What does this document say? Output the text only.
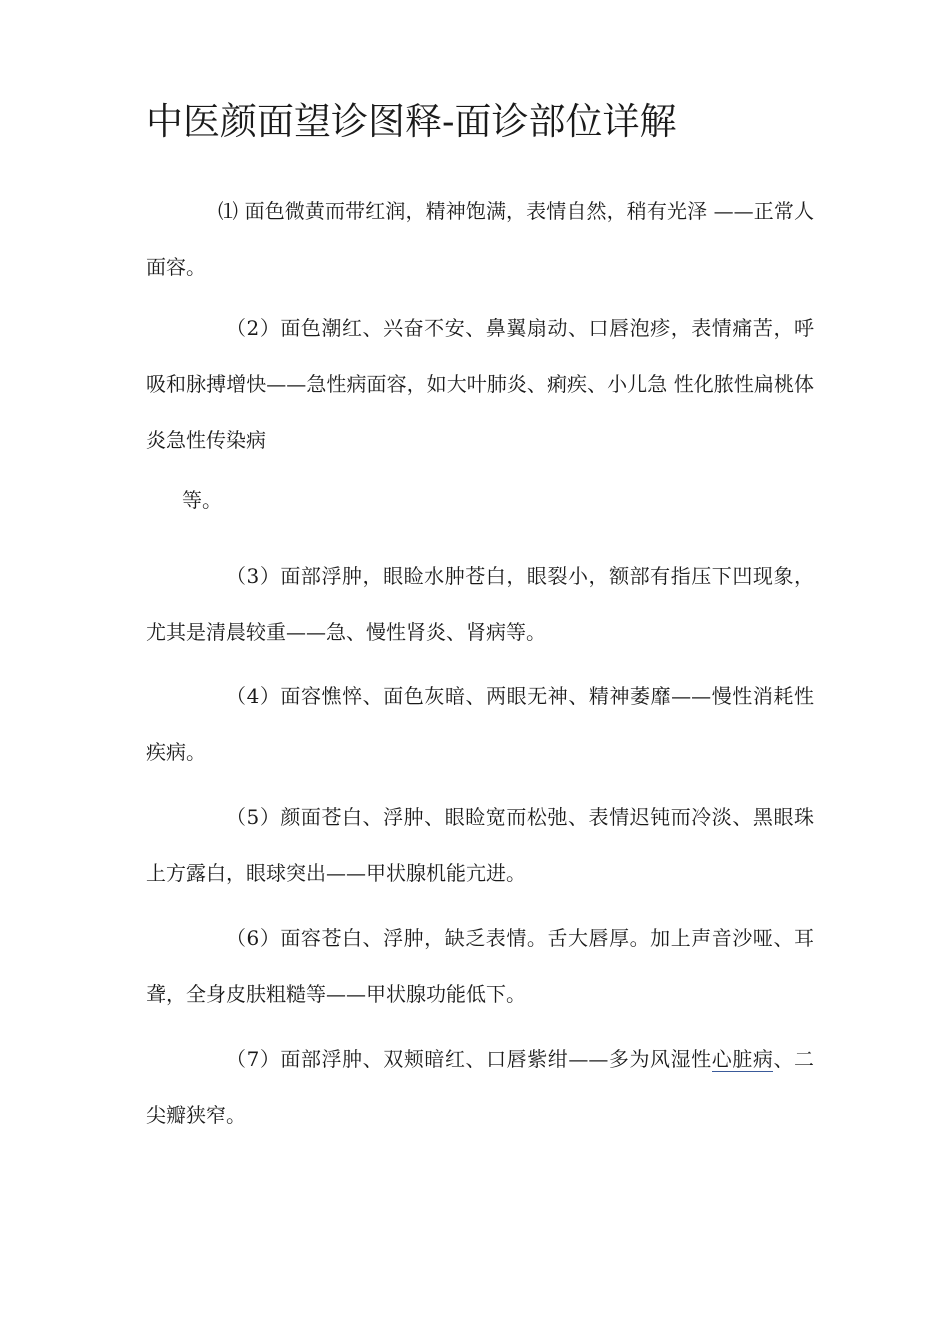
中医颜面望诊图释-面诊部位详解

⑴ 面色微黄而带红润，精神饱满，表情自然，稍有光泽 ——正常人面容。

（2）面色潮红、兴奋不安、鼻翼扇动、口唇泡疹，表情痛苦，呼吸和脉搏增快——急性病面容，如大叶肺炎、痢疾、小儿急 性化脓性扁桃体炎急性传染病

等。

（3）面部浮肿，眼睑水肿苍白，眼裂小，额部有指压下凹现象，尤其是清晨较重——急、慢性肾炎、肾病等。

（4）面容憔悴、面色灰暗、两眼无神、精神萎靡——慢性消耗性疾病。

（5）颜面苍白、浮肿、眼睑宽而松弛、表情迟钝而冷淡、黑眼珠上方露白，眼球突出——甲状腺机能亢进。

（6）面容苍白、浮肿，缺乏表情。舌大唇厚。加上声音沙哑、耳聋，全身皮肤粗糙等——甲状腺功能低下。

（7）面部浮肿、双颊暗红、口唇紫绀——多为风湿性心脏病、二尖瓣狭窄。
